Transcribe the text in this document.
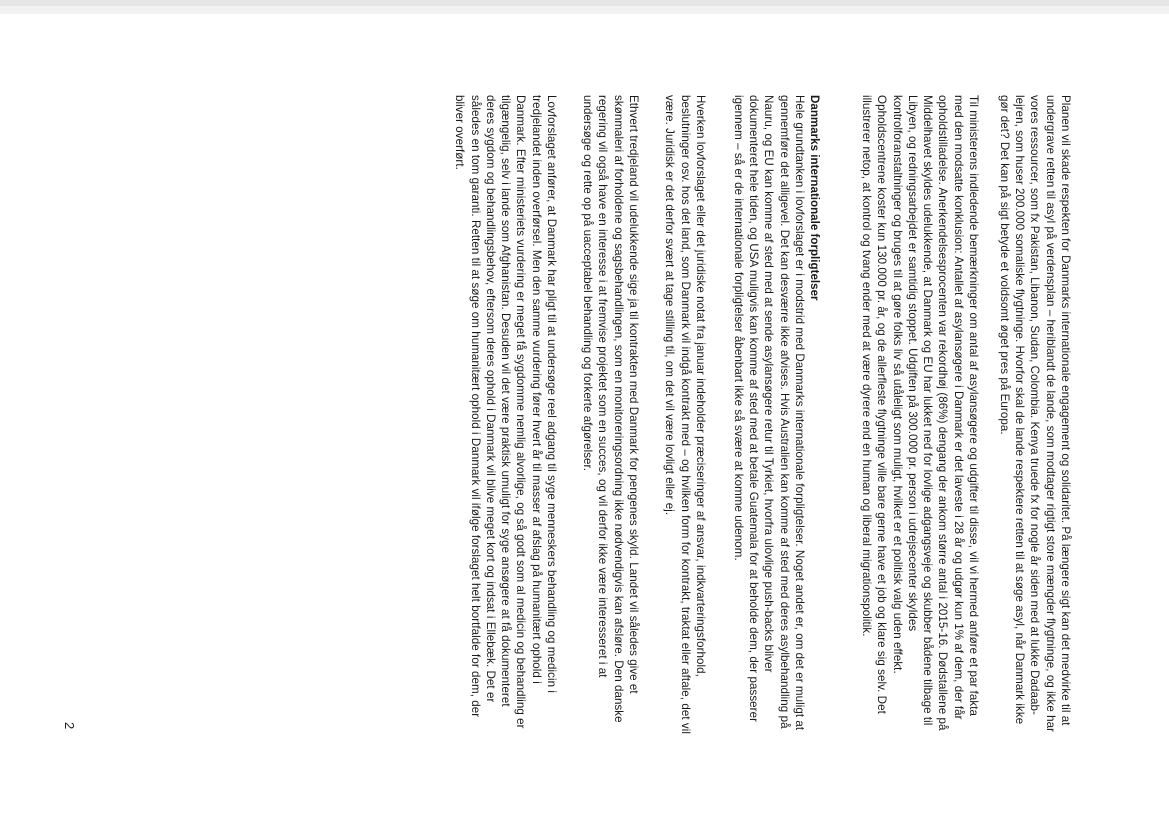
Planen vil skade respekten for Danmarks internationale engagement og solidaritet. På længere sigt kan det medvirke til at undergrave retten til asyl på verdensplan – heriblandt de lande, som modtager rigtigt store mængder flygtninge, og ikke har vores ressourcer, som fx Pakistan, Libanon, Sudan, Colombia. Kenya truede fx for nogle år siden med at lukke Dadaab-lejren, som huser 200.000 somaliske flygtninge. Hvorfor skal de lande respektere retten til at søge asyl, når Danmark ikke gør det? Det kan på sigt betyde et voldsomt øget pres på Europa.

Til ministerens indledende bemærkninger om antal af asylansøgere og udgifter til disse, vil vi hermed anføre et par fakta med den modsatte konklusion: Antallet af asylansøgere i Danmark er det laveste i 28 år og udgør kun 1% af dem, der får opholdstilladelse. Anerkendelsesprocenten var rekordhøj (86%) dengang der ankom større antal i 2015-16. Dødstallene på Middelhavet skyldes udelukkende, at Danmark og EU har lukket ned for lovlige adgangsveje og skubber bådene tilbage til Libyen, og redningsarbejdet er samtidig stoppet. Udgiften på 300.000 pr. person i udrejsecenter skyldes kontrolforanstaltninger og bruges til at gøre folks liv så utåleligt som muligt, hvilket er et politisk valg uden effekt. Opholdscentrene koster kun 130.000 pr. år, og de allerfleste flygtninge ville bare gerne have et job og klare sig selv. Det illustrerer netop, at kontrol og tvang ender med at være dyrere end en human og liberal migrationspolitik.

Danmarks internationale forpligtelser

Hele grundtanken i lovforslaget er i modstrid med Danmarks internationale forpligtelser. Noget andet er, om det er muligt at gennemføre det alligevel. Det kan desværre ikke afvises. Hvis Australien kan komme af sted med deres asylbehandling på Nauru, og EU kan komme af sted med at sende asylansøgere retur til Tyrkiet, hvorfra ulovlige push-backs bliver dokumenteret hele tiden, og USA muligvis kan komme af sted med at betale Guatemala for at beholde dem, der passerer igennem – så er de internationale forpligtelser åbenbart ikke så svære at komme udenom.

Hverken lovforslaget eller det juridiske notat fra januar indeholder præciseringer af ansvar, indkvarteringsforhold, beslutninger osv. hos det land, som Danmark vil indgå kontrakt med – og hvilken form for kontrakt, traktat eller aftale, det vil være. Juridisk er det derfor svært at tage stilling til, om det vil være lovligt eller ej.

Ethvert tredjeland vil udelukkende sige ja til kontrakten med Danmark for pengenes skyld. Landet vil således give et skønmaleri af forholdene og sagsbehandlingen, som en monitoreringsordning ikke nødvendigvis kan afsløre. Den danske regering vil også have en interesse i at fremvise projektet som en succes, og vil derfor ikke være interesseret i at undersøge og rette op på uacceptabel behandling og forkerte afgørelser.

Lovforslaget anfører, at Danmark har pligt til at undersøge reel adgang til syge menneskers behandling og medicin i tredjelandet inden overførsel. Men den samme vurdering fører hvert år til masser af afslag på humanitært ophold i Danmark. Efter ministeriets vurdering er meget få sygdomme nemlig alvorlige, og så godt som al medicin og behandling er tilgængelig, selv i lande som Afghanistan. Desuden vil det være praktisk umuligt for syge ansøgere at få dokumenteret deres sygdom og behandlingsbehov, eftersom deres ophold i Danmark vil blive meget kort og indsat i Ellebæk. Det er således en tom garanti. Retten til at søge om humanitært ophold i Danmark vil ifølge forslaget helt bortfalde for dem, der bliver overført.

2
